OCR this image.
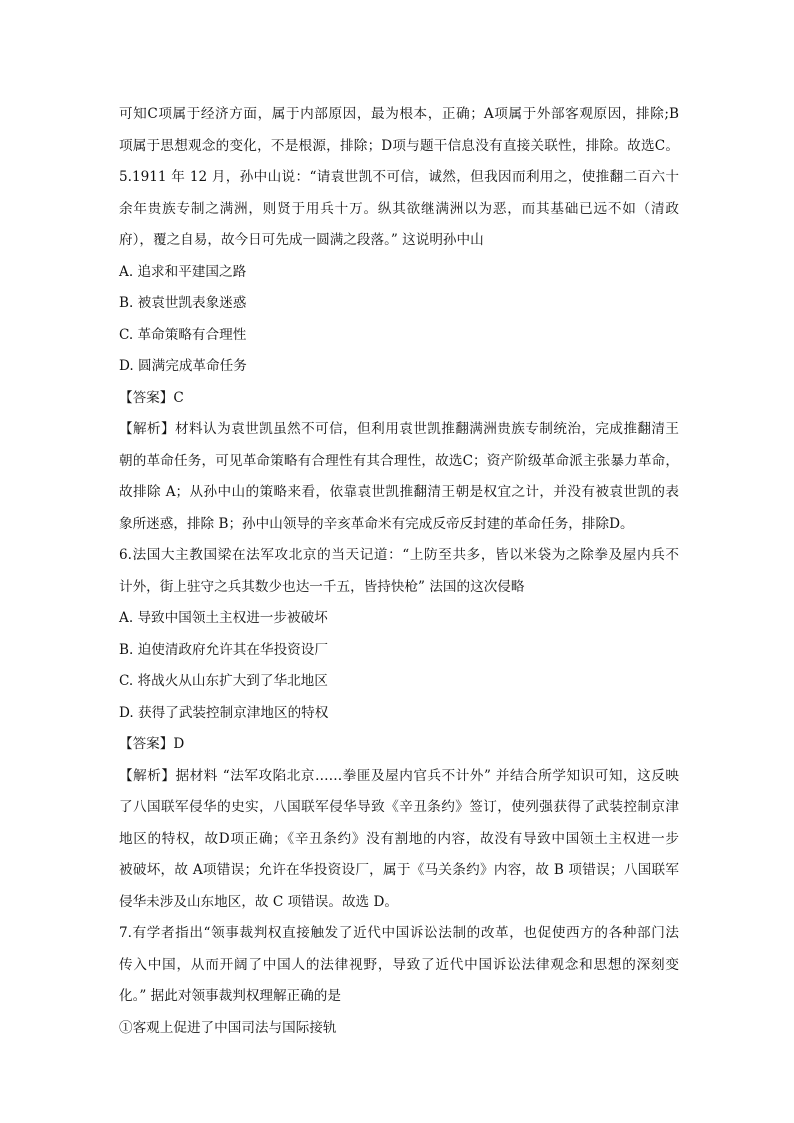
可知C项属于经济方面，属于内部原因，最为根本，正确；A项属于外部客观原因，排除;B
项属于思想观念的变化，不是根源，排除；D项与题干信息没有直接关联性，排除。故选C。
5.1911 年 12 月，孙中山说：“请袁世凯不可信，诚然，但我因而利用之，使推翻二百六十
余年贵族专制之满洲，则贤于用兵十万。纵其欲继满洲以为恶，而其基础已远不如（清政
府），覆之自易，故今日可先成一圆满之段落。” 这说明孙中山
A. 追求和平建国之路
B. 被袁世凯表象迷惑
C. 革命策略有合理性
D. 圆满完成革命任务
【答案】C
【解析】材料认为袁世凯虽然不可信，但利用袁世凯推翻满洲贵族专制统治，完成推翻清王
朝的革命任务，可见革命策略有合理性有其合理性，故选C；资产阶级革命派主张暴力革命，
故排除 A；从孙中山的策略来看，依靠袁世凯推翻清王朝是权宜之计，并没有被袁世凯的表
象所迷惑，排除 B；孙中山领导的辛亥革命米有完成反帝反封建的革命任务，排除D。
6.法国大主教国梁在法军攻北京的当天记道：“上防至共多，皆以米袋为之除拳及屋内兵不
计外，街上驻守之兵其数少也达一千五，皆持快枪” 法国的这次侵略
A. 导致中国领土主权进一步被破坏
B. 迫使清政府允许其在华投资设厂
C. 将战火从山东扩大到了华北地区
D. 获得了武装控制京津地区的特权
【答案】D
【解析】据材料 “法军攻陷北京……拳匪及屋内官兵不计外” 并结合所学知识可知，这反映
了八国联军侵华的史实，八国联军侵华导致《辛丑条约》签订，使列强获得了武装控制京津
地区的特权，故D项正确；《辛丑条约》没有割地的内容，故没有导致中国领土主权进一步
被破坏，故 A项错误；允许在华投资设厂，属于《马关条约》内容，故 B 项错误；八国联军
侵华未涉及山东地区，故 C 项错误。故选 D。
7.有学者指出“领事裁判权直接触发了近代中国诉讼法制的改革，也促使西方的各种部门法
传入中国，从而开阔了中国人的法律视野，导致了近代中国诉讼法律观念和思想的深刻变
化。” 据此对领事裁判权理解正确的是
①客观上促进了中国司法与国际接轨
